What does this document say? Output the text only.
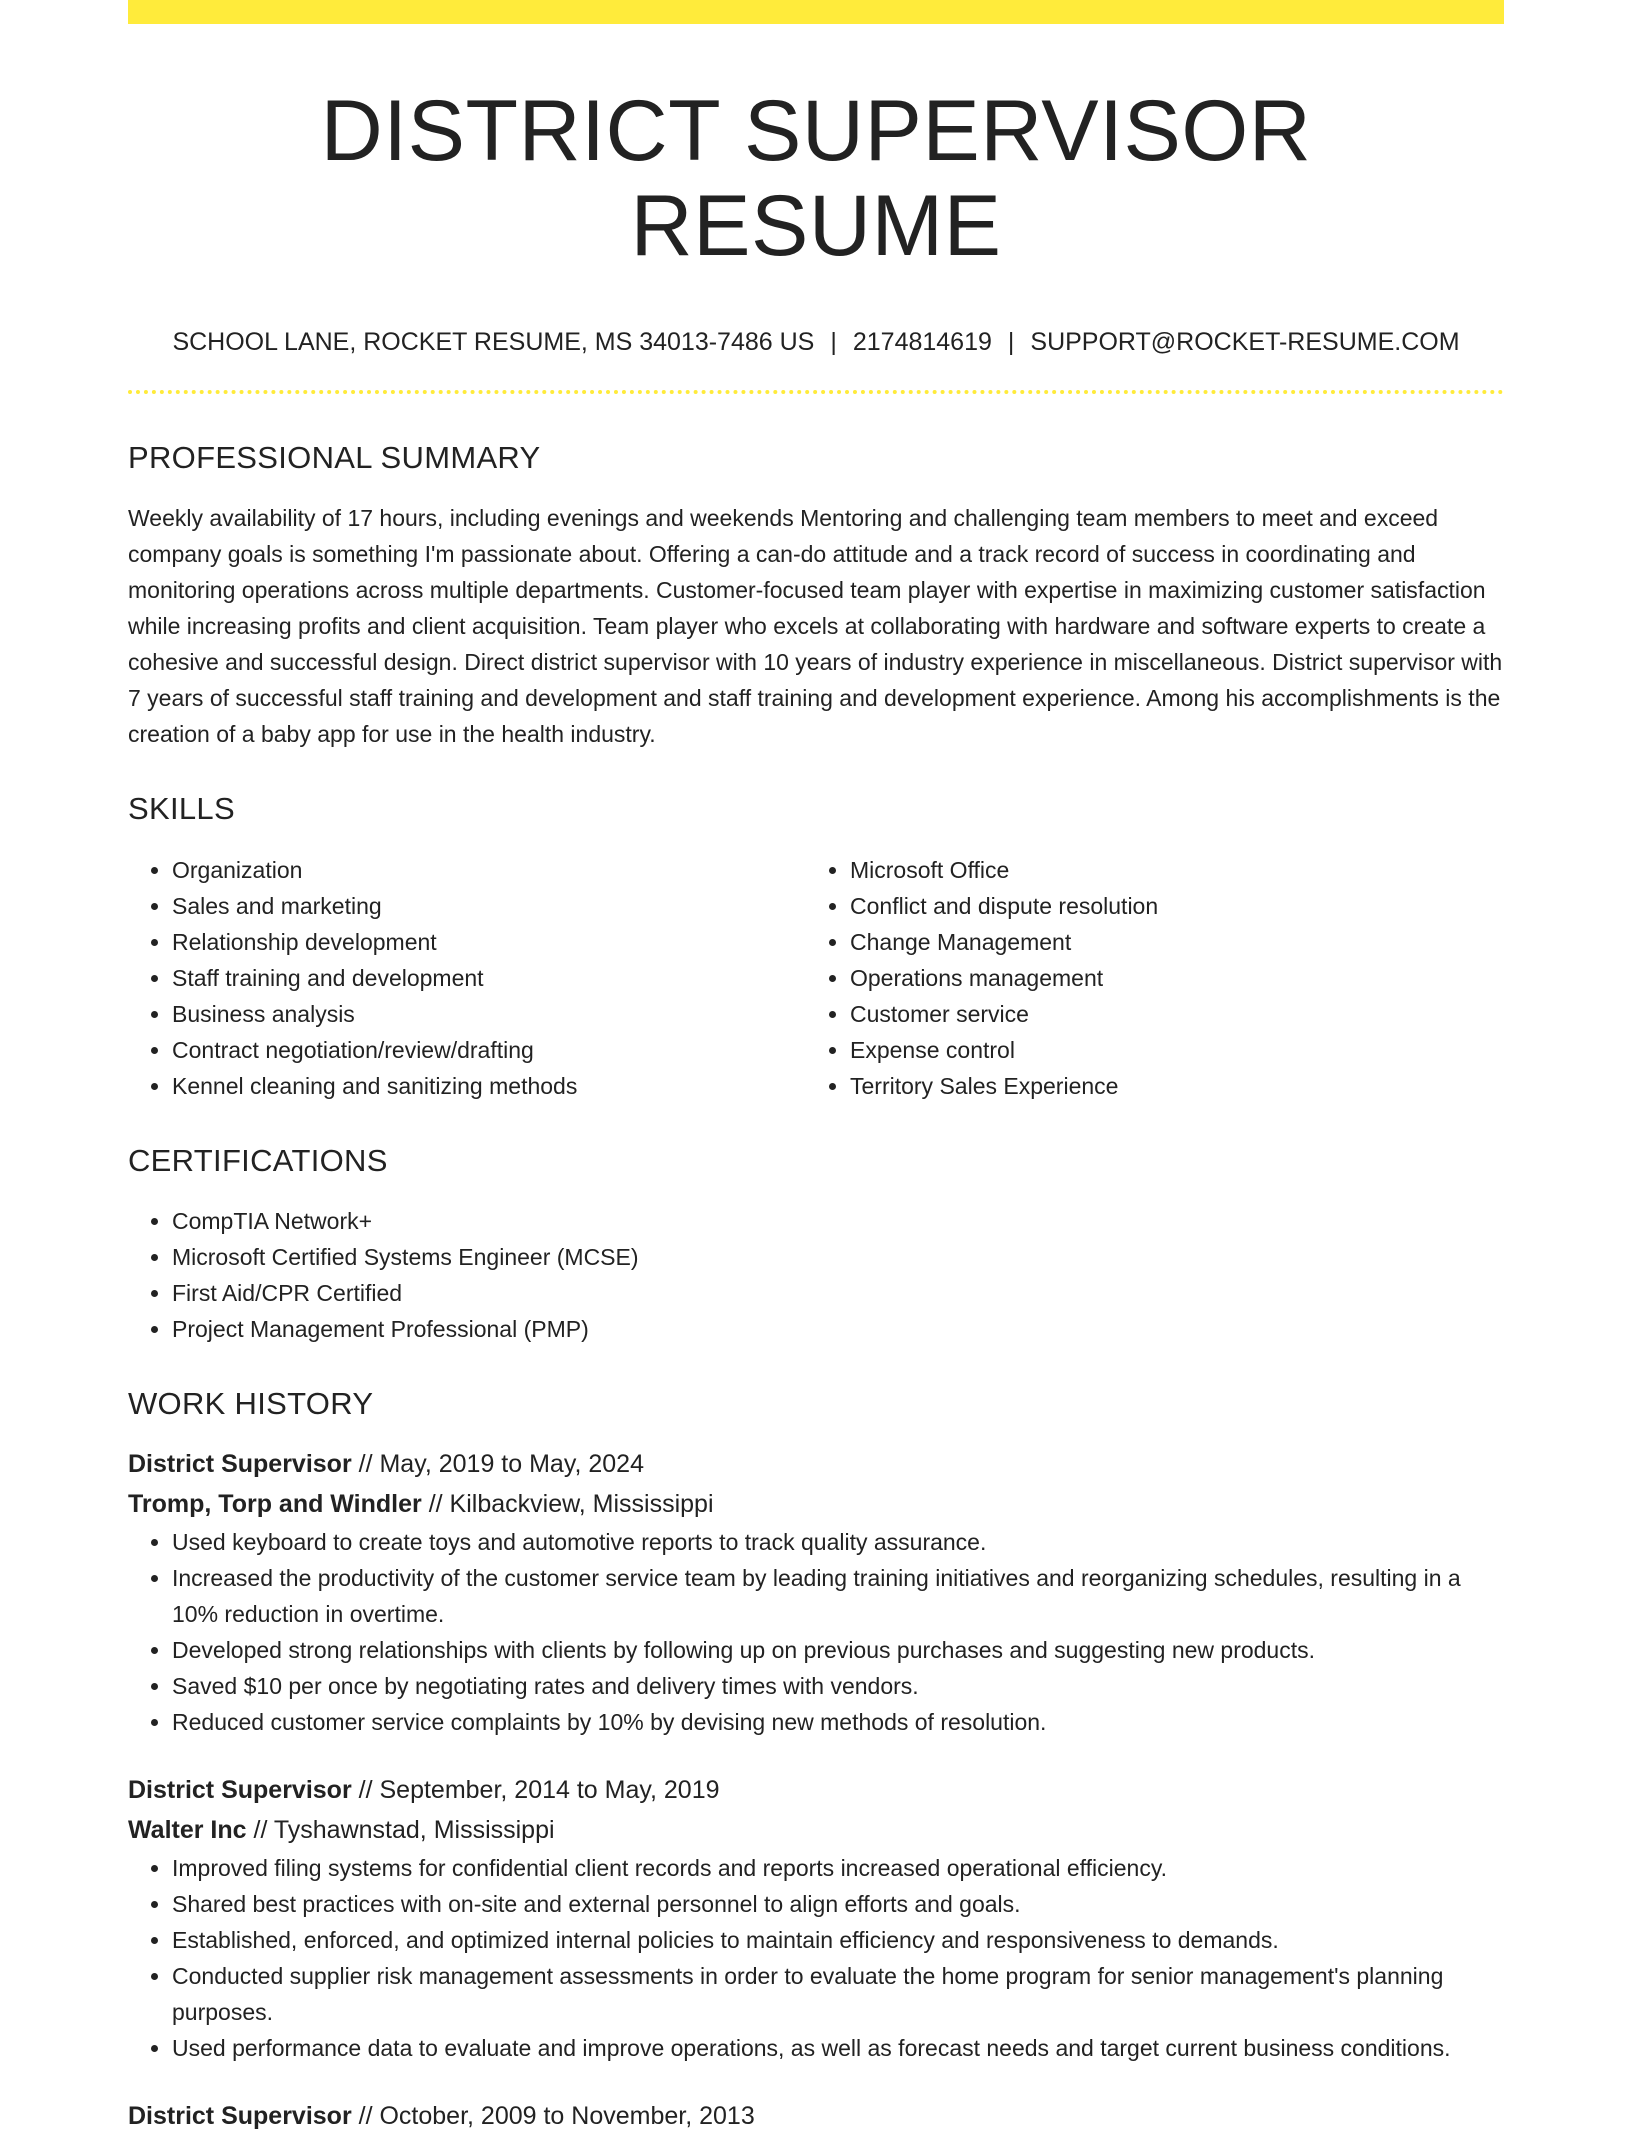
DISTRICT SUPERVISOR RESUME
SCHOOL LANE, ROCKET RESUME, MS 34013-7486 US | 2174814619 | SUPPORT@ROCKET-RESUME.COM
PROFESSIONAL SUMMARY

Weekly availability of 17 hours, including evenings and weekends Mentoring and challenging team members to meet and exceed company goals is something I'm passionate about. Offering a can-do attitude and a track record of success in coordinating and monitoring operations across multiple departments. Customer-focused team player with expertise in maximizing customer satisfaction while increasing profits and client acquisition. Team player who excels at collaborating with hardware and software experts to create a cohesive and successful design. Direct district supervisor with 10 years of industry experience in miscellaneous. District supervisor with 7 years of successful staff training and development and staff training and development experience. Among his accomplishments is the creation of a baby app for use in the health industry.

SKILLS
• Organization
• Sales and marketing
• Relationship development
• Staff training and development
• Business analysis
• Contract negotiation/review/drafting
• Kennel cleaning and sanitizing methods
• Microsoft Office
• Conflict and dispute resolution
• Change Management
• Operations management
• Customer service
• Expense control
• Territory Sales Experience
CERTIFICATIONS
• CompTIA Network+
• Microsoft Certified Systems Engineer (MCSE)
• First Aid/CPR Certified
• Project Management Professional (PMP)
WORK HISTORY
District Supervisor // May, 2019 to May, 2024
Tromp, Torp and Windler // Kilbackview, Mississippi
• Used keyboard to create toys and automotive reports to track quality assurance.
• Increased the productivity of the customer service team by leading training initiatives and reorganizing schedules, resulting in a 10% reduction in overtime.
• Developed strong relationships with clients by following up on previous purchases and suggesting new products.
• Saved $10 per once by negotiating rates and delivery times with vendors.
• Reduced customer service complaints by 10% by devising new methods of resolution.
District Supervisor // September, 2014 to May, 2019
Walter Inc // Tyshawnstad, Mississippi
• Improved filing systems for confidential client records and reports increased operational efficiency.
• Shared best practices with on-site and external personnel to align efforts and goals.
• Established, enforced, and optimized internal policies to maintain efficiency and responsiveness to demands.
• Conducted supplier risk management assessments in order to evaluate the home program for senior management's planning purposes.
• Used performance data to evaluate and improve operations, as well as forecast needs and target current business conditions.
District Supervisor // October, 2009 to November, 2013
